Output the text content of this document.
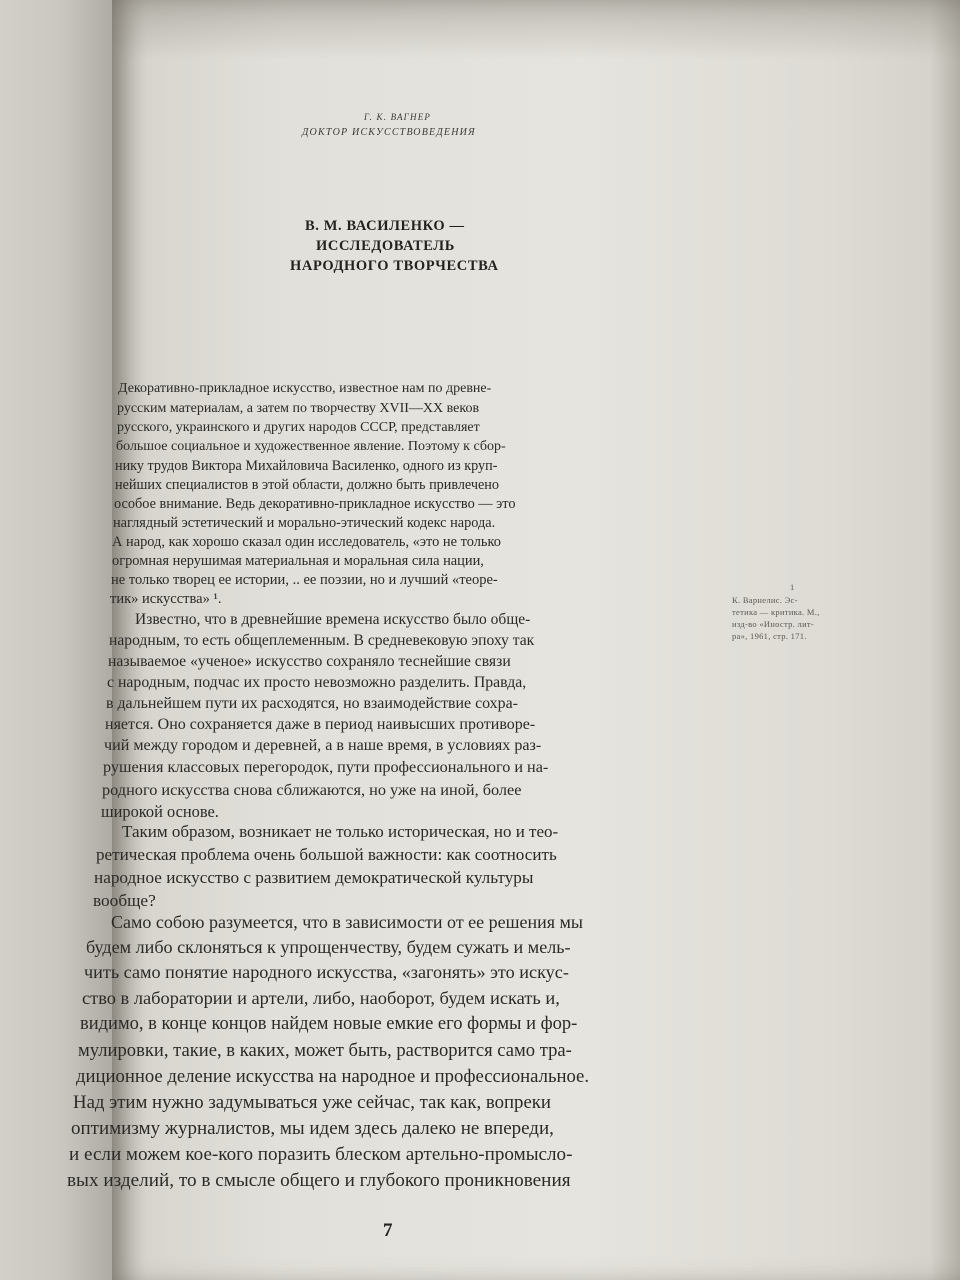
Г. К. ВАГНЕР
ДОКТОР ИСКУССТВОВЕДЕНИЯ
В. М. ВАСИЛЕНКО —
ИССЛЕДОВАТЕЛЬ
НАРОДНОГО ТВОРЧЕСТВА
Декоративно-прикладное искусство, известное нам по древне-
русским материалам, а затем по творчеству XVII—XX веков
русского, украинского и других народов СССР, представляет
большое социальное и художественное явление. Поэтому к сбор-
нику трудов Виктора Михайловича Василенко, одного из круп-
нейших специалистов в этой области, должно быть привлечено
особое внимание. Ведь декоративно-прикладное искусство — это
наглядный эстетический и морально-этический кодекс народа.
А народ, как хорошо сказал один исследователь, «это не только
огромная нерушимая материальная и моральная сила нации,
не только творец ее истории, .. ее поэзии, но и лучший «теоре-
тик» искусства» ¹.
Известно, что в древнейшие времена искусство было обще-
народным, то есть общеплеменным. В средневековую эпоху так
называемое «ученое» искусство сохраняло теснейшие связи
с народным, подчас их просто невозможно разделить. Правда,
в дальнейшем пути их расходятся, но взаимодействие сохра-
няется. Оно сохраняется даже в период наивысших противоре-
чий между городом и деревней, а в наше время, в условиях раз-
рушения классовых перегородок, пути профессионального и на-
родного искусства снова сближаются, но уже на иной, более
широкой основе.
Таким образом, возникает не только историческая, но и тео-
ретическая проблема очень большой важности: как соотносить
народное искусство с развитием демократической культуры
вообще?
Само собою разумеется, что в зависимости от ее решения мы
будем либо склоняться к упрощенчеству, будем сужать и мель-
чить само понятие народного искусства, «загонять» это искус-
ство в лаборатории и артели, либо, наоборот, будем искать и,
видимо, в конце концов найдем новые емкие его формы и фор-
мулировки, такие, в каких, может быть, растворится само тра-
диционное деление искусства на народное и профессиональное.
Над этим нужно задумываться уже сейчас, так как, вопреки
оптимизму журналистов, мы идем здесь далеко не впереди,
и если можем кое-кого поразить блеском артельно-промысло-
вых изделий, то в смысле общего и глубокого проникновения
1
К. Варнелис. Эс-
тетика — критика. М.,
изд-во «Иностр. лит-
ра», 1961, стр. 171.
7
